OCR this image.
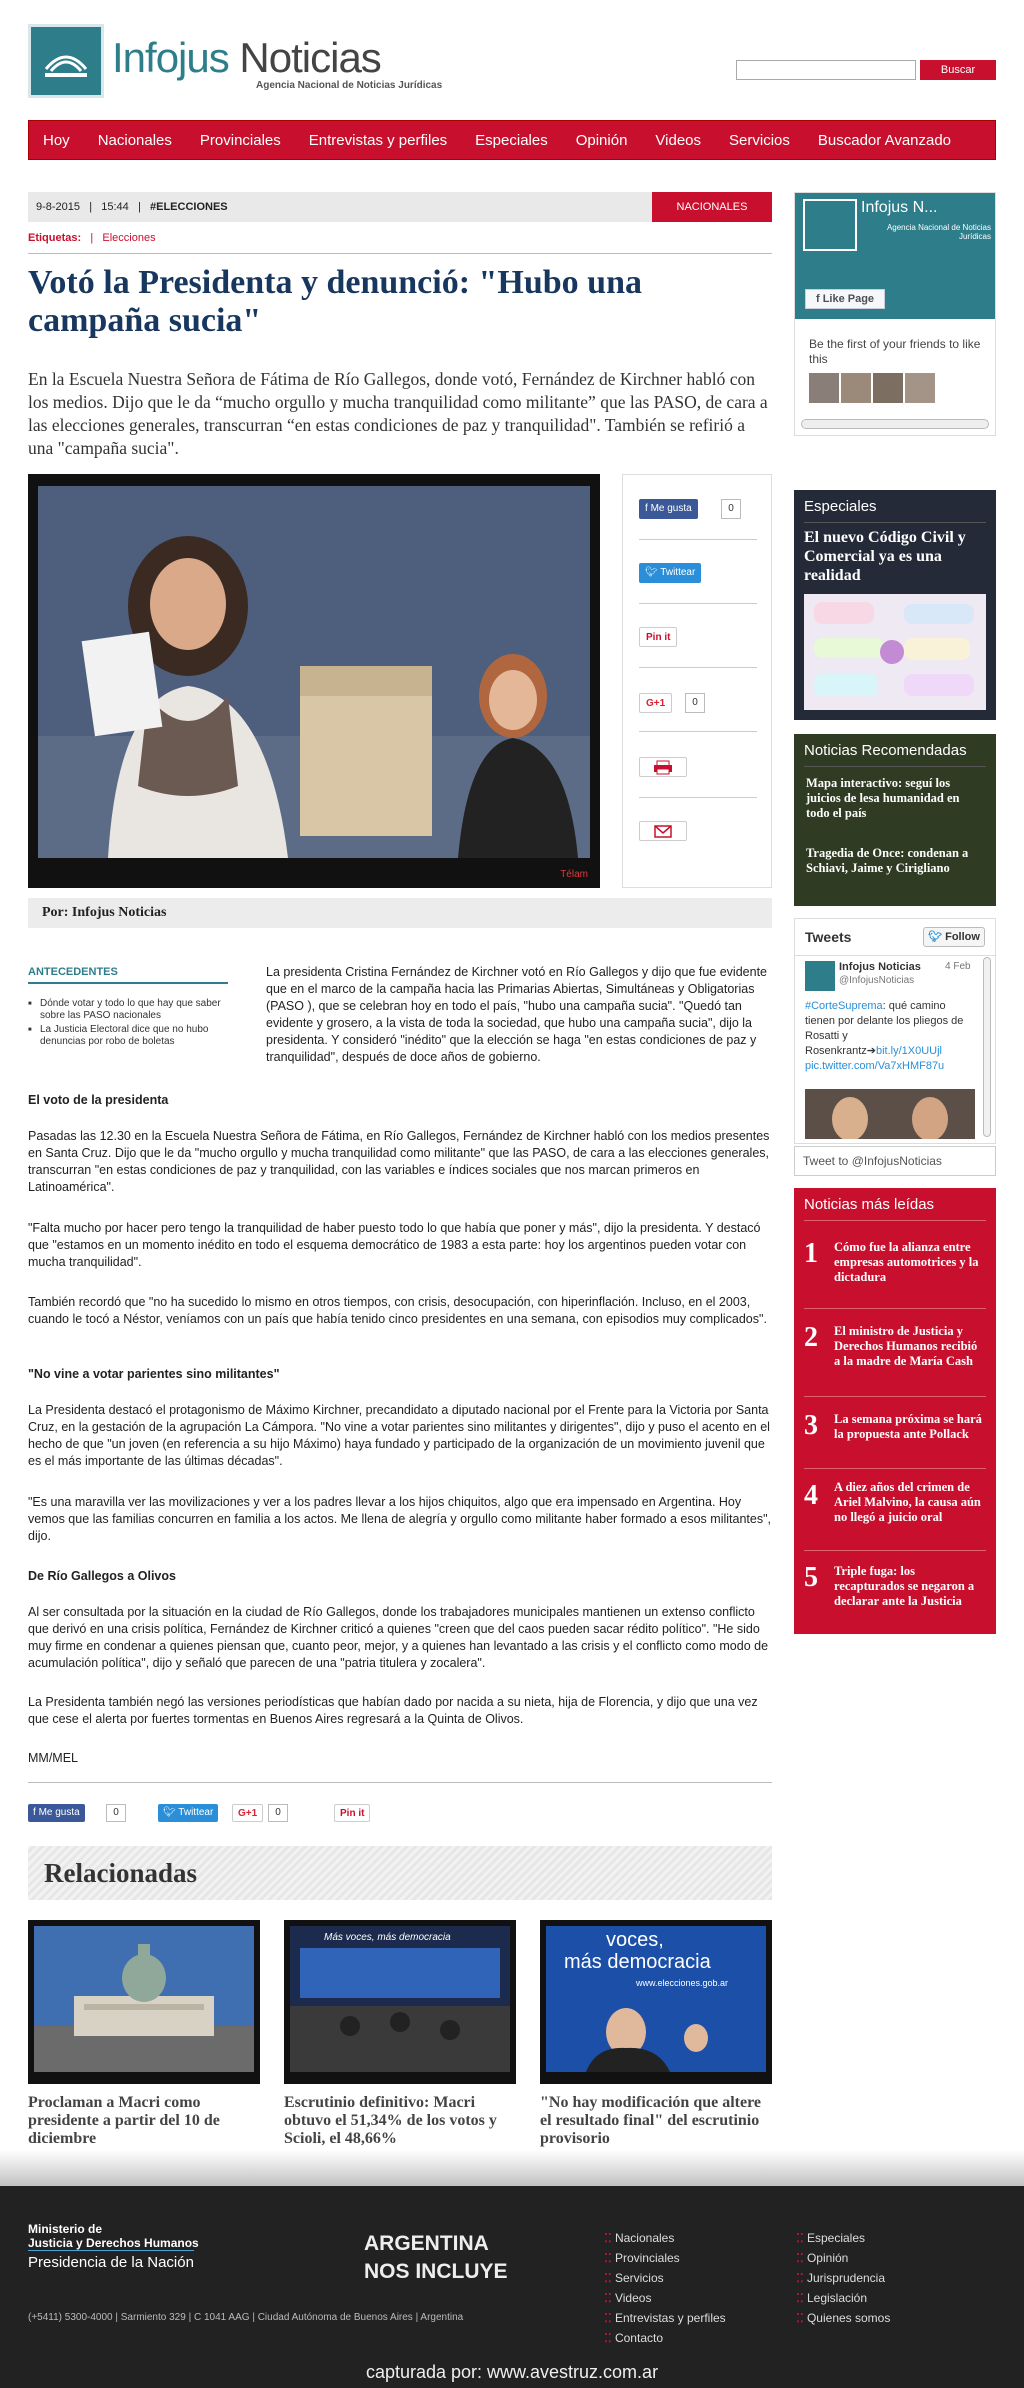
Infojus Noticias
Agencia Nacional de Noticias Jurídicas
Buscar
Hoy Nacionales Provinciales Entrevistas y perfiles Especiales Opinión Videos Servicios Buscador Avanzado
9-8-2015   |   15:44   |   #ELECCIONES	NACIONALES
Etiquetas: | Elecciones
Votó la Presidenta y denunció: "Hubo una campaña sucia"

En la Escuela Nuestra Señora de Fátima de Río Gallegos, donde votó, Fernández de Kirchner habló con los medios. Dijo que le da “mucho orgullo y mucha tranquilidad como militante” que las PASO, de cara a las elecciones generales, transcurran “en estas condiciones de paz y tranquilidad". También se refirió a una "campaña sucia".

Télam
f Me gusta	0
🐦︎ Twittear
Pin it
G+1	0
Por: Infojus Noticias
ANTECEDENTES
■ Dónde votar y todo lo que hay que saber sobre las PASO nacionales
■ La Justicia Electoral dice que no hubo denuncias por robo de boletas

La presidenta Cristina Fernández de Kirchner votó en Río Gallegos y dijo que fue evidente que en el marco de la campaña hacia las Primarias Abiertas, Simultáneas y Obligatorias (PASO ), que se celebran hoy en todo el país, "hubo una campaña sucia". "Quedó tan evidente y grosero, a la vista de toda la sociedad, que hubo una campaña sucia", dijo la presidenta. Y consideró "inédito" que la elección se haga "en estas condiciones de paz y tranquilidad", después de doce años de gobierno.

El voto de la presidenta

Pasadas las 12.30 en la Escuela Nuestra Señora de Fátima, en Río Gallegos, Fernández de Kirchner habló con los medios presentes en Santa Cruz. Dijo que le da "mucho orgullo y mucha tranquilidad como militante" que las PASO, de cara a las elecciones generales, transcurran "en estas condiciones de paz y tranquilidad, con las variables e índices sociales que nos marcan primeros en Latinoamérica".

"Falta mucho por hacer pero tengo la tranquilidad de haber puesto todo lo que había que poner y más", dijo la presidenta. Y destacó que "estamos en un momento inédito en todo el esquema democrático de 1983 a esta parte: hoy los argentinos pueden votar con mucha tranquilidad".

También recordó que "no ha sucedido lo mismo en otros tiempos, con crisis, desocupación, con hiperinflación. Incluso, en el 2003, cuando le tocó a Néstor, veníamos con un país que había tenido cinco presidentes en una semana, con episodios muy complicados".

"No vine a votar parientes sino militantes"

La Presidenta destacó el protagonismo de Máximo Kirchner, precandidato a diputado nacional por el Frente para la Victoria por Santa Cruz, en la gestación de la agrupación La Cámpora. "No vine a votar parientes sino militantes y dirigentes", dijo y puso el acento en el hecho de que "un joven (en referencia a su hijo Máximo) haya fundado y participado de la organización de un movimiento juvenil que es el más importante de las últimas décadas".

"Es una maravilla ver las movilizaciones y ver a los padres llevar a los hijos chiquitos, algo que era impensado en Argentina. Hoy vemos que las familias concurren en familia a los actos. Me llena de alegría y orgullo como militante haber formado a esos militantes", dijo.

De Río Gallegos a Olivos

Al ser consultada por la situación en la ciudad de Río Gallegos, donde los trabajadores municipales mantienen un extenso conflicto que derivó en una crisis política, Fernández de Kirchner criticó a quienes "creen que del caos pueden sacar rédito político". "He sido muy firme en condenar a quienes piensan que, cuanto peor, mejor, y a quienes han levantado a las crisis y el conflicto como modo de acumulación política", dijo y señaló que parecen de una "patria titulera y zocalera".

La Presidenta también negó las versiones periodísticas que habían dado por nacida a su nieta, hija de Florencia, y dijo que una vez que cese el alerta por fuertes tormentas en Buenos Aires regresará a la Quinta de Olivos.

MM/MEL

f Me gusta	0	🐦︎ Twittear	G+1	0	Pin it
Relacionadas
Más voces, más democracia	voces,
más democracia
www.elecciones.gob.ar
Proclaman a Macri como presidente a partir del 10 de diciembre
Escrutinio definitivo: Macri obtuvo el 51,34% de los votos y Scioli, el 48,66%
"No hay modificación que altere el resultado final" del escrutinio provisorio
Infojus N...
Agencia Nacional de Noticias Jurídicas
f Like Page
Be the first of your friends to like this
Especiales
El nuevo Código Civil y Comercial ya es una realidad
Noticias Recomendadas
Mapa interactivo: seguí los juicios de lesa humanidad en todo el país
Tragedia de Once: condenan a Schiavi, Jaime y Cirigliano
Tweets	🐦︎ Follow
Infojus Noticias
@InfojusNoticias
4 Feb
#CorteSuprema: qué camino tienen por delante los pliegos de Rosatti y Rosenkrantz➔bit.ly/1X0UUjl pic.twitter.com/Va7xHMF87u
Tweet to @InfojusNoticias
Noticias más leídas
1 Cómo fue la alianza entre empresas automotrices y la dictadura
2 El ministro de Justicia y Derechos Humanos recibió a la madre de María Cash
3 La semana próxima se hará la propuesta ante Pollack
4 A diez años del crimen de Ariel Malvino, la causa aún no llegó a juicio oral
5 Triple fuga: los recapturados se negaron a declarar ante la Justicia
Ministerio de
Justicia y Derechos Humanos
Presidencia de la Nación
ARGENTINA
NOS INCLUYE
⁚⁚ Nacionales
⁚⁚ Provinciales
⁚⁚ Servicios
⁚⁚ Videos
⁚⁚ Entrevistas y perfiles
⁚⁚ Contacto
⁚⁚ Especiales
⁚⁚ Opinión
⁚⁚ Jurisprudencia
⁚⁚ Legislación
⁚⁚ Quienes somos
(+5411) 5300-4000 | Sarmiento 329 | C 1041 AAG | Ciudad Autónoma de Buenos Aires | Argentina
capturada por: www.avestruz.com.ar
